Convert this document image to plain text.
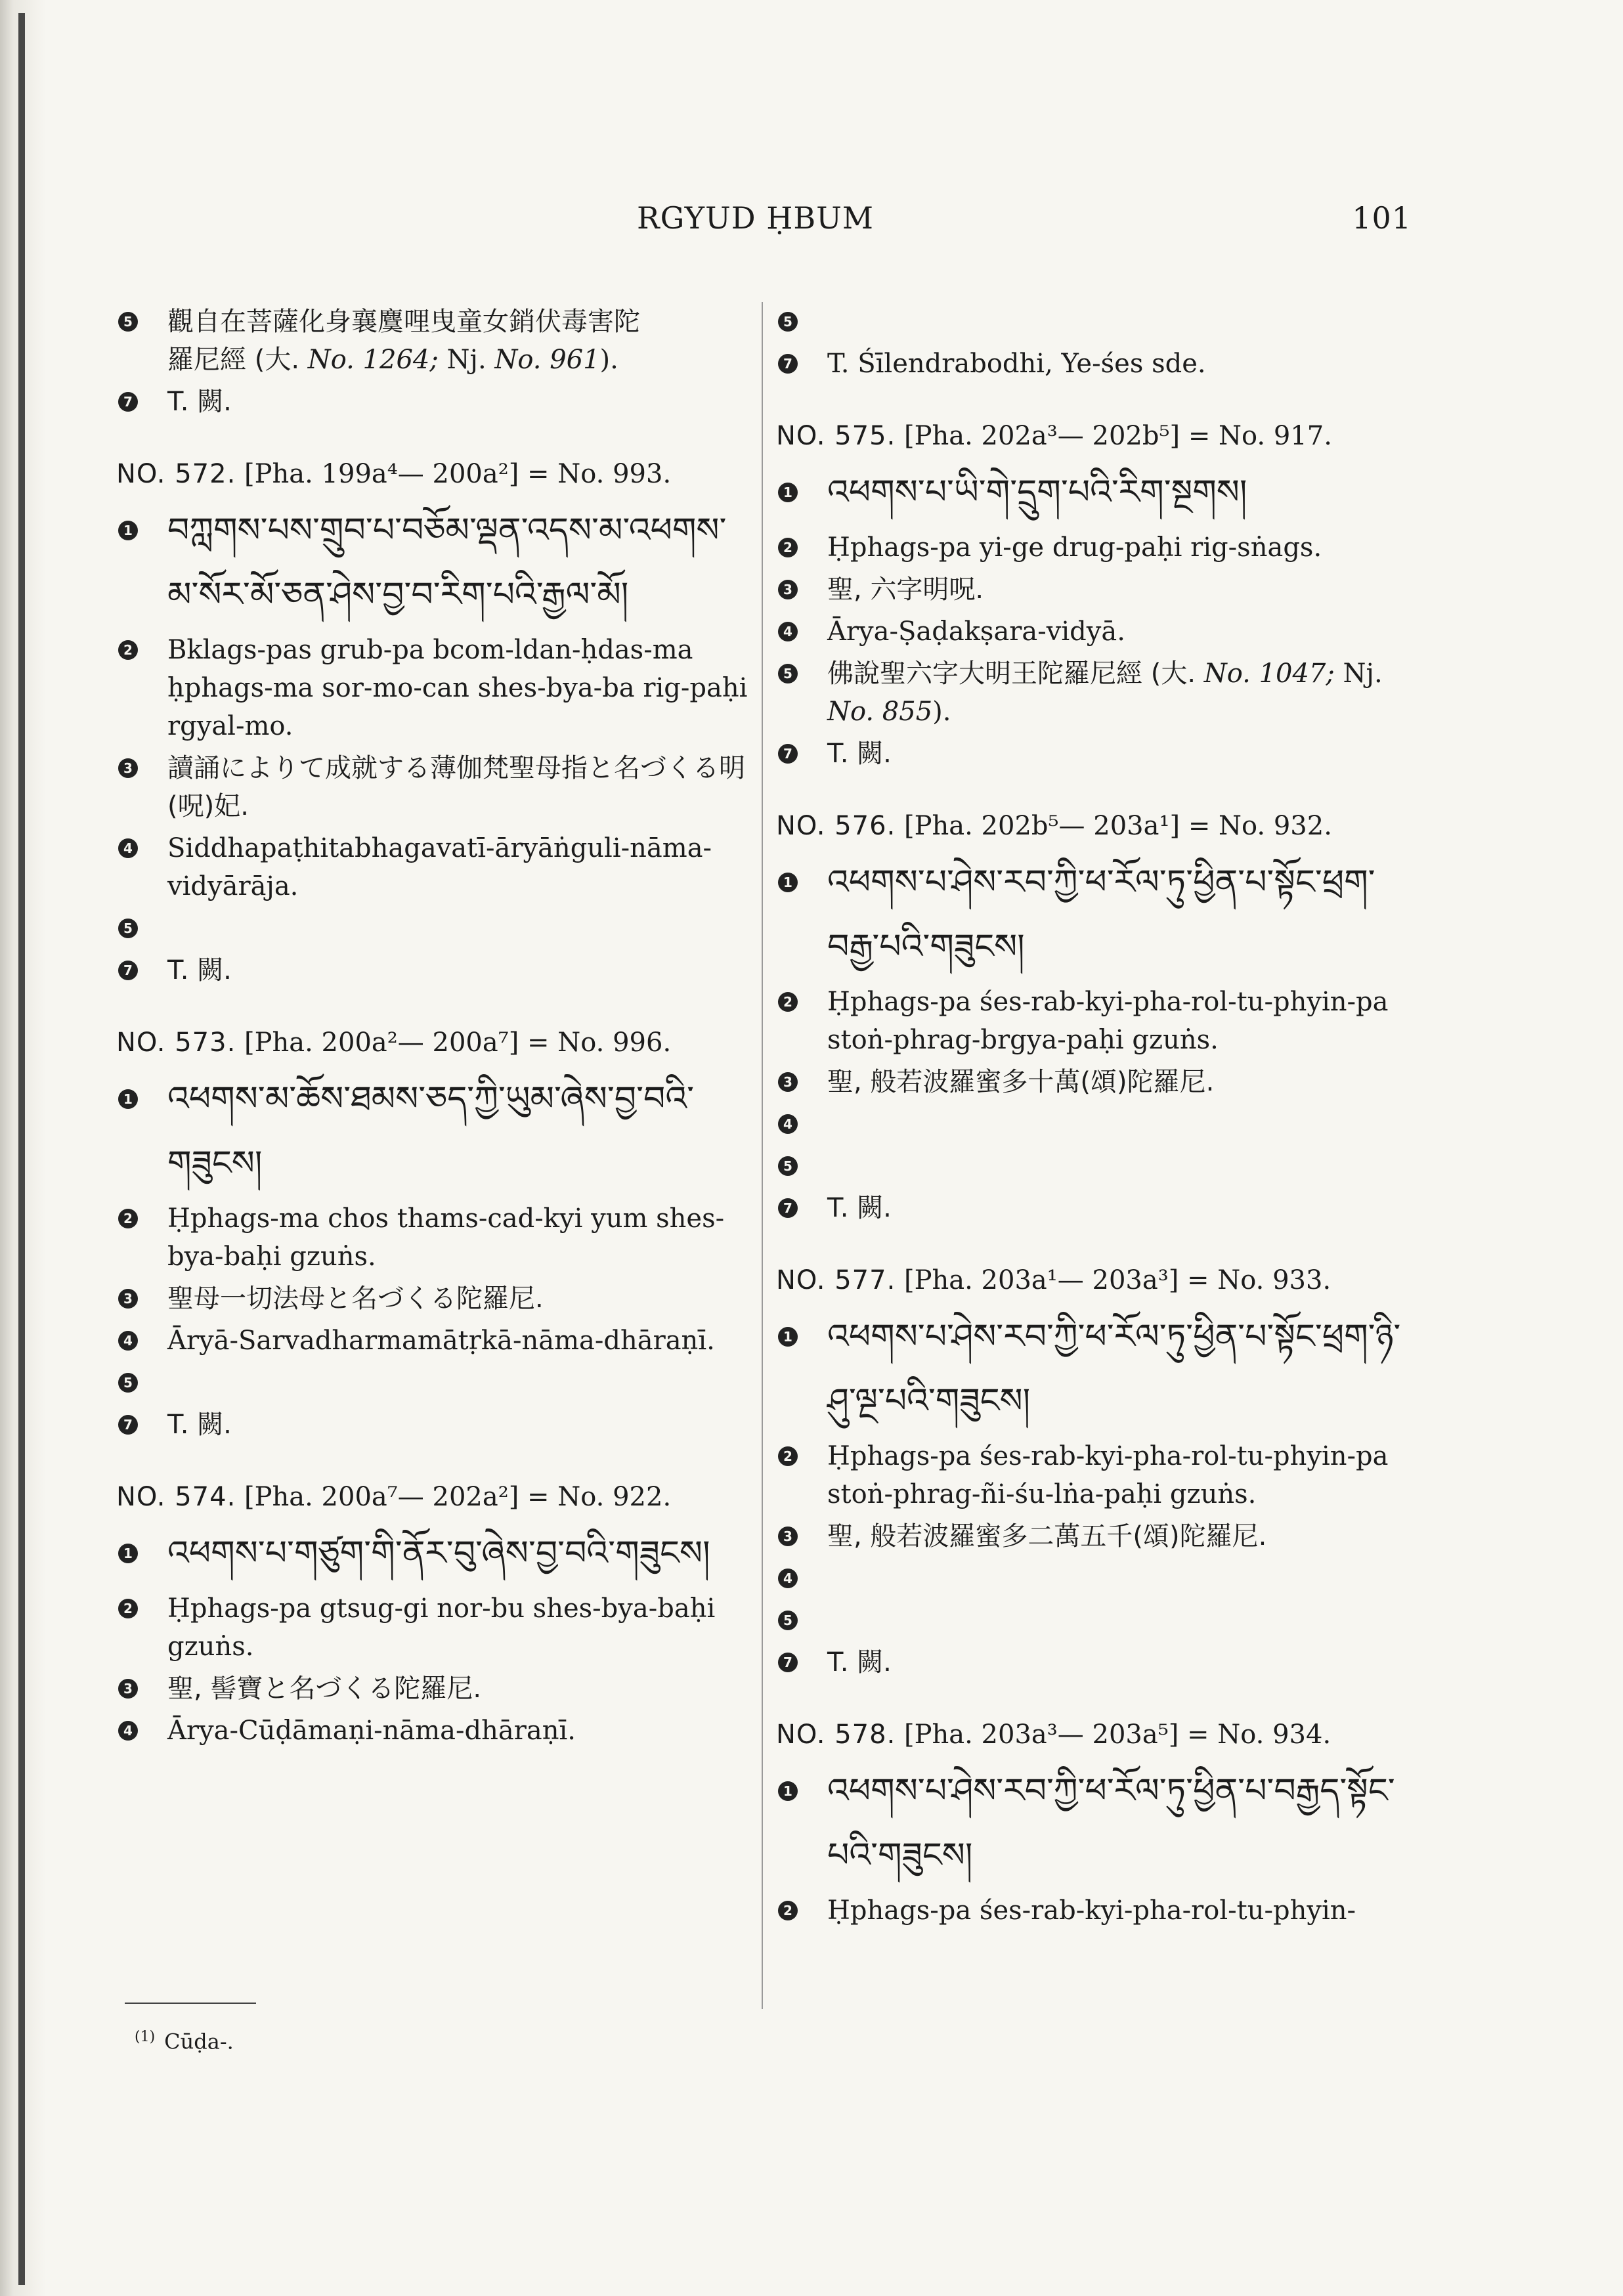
RGYUD ḤBUM	101
5 觀自在菩薩化身襄麌哩曳童女銷伏毒害陀
羅尼經 (大. No. 1264; Nj. No. 961).
7 T. 闕.
NO. 572. [Pha. 199a⁴— 200a²] = No. 993.
1 བཀླགས་པས་གྲུབ་པ་བཅོམ་ལྡན་འདས་མ་འཕགས་མ་སོར་མོ་ཅན་ཤེས་བྱ་བ་རིག་པའི་རྒྱལ་མོ།
2 Bklags-pas grub-pa bcom-ldan-ḥdas-ma ḥphags-ma sor-mo-can shes-bya-ba rig-paḥi rgyal-mo.
3 讀誦によりて成就する薄伽梵聖母指と名づくる明(呪)妃.
4 Siddhapaṭhitabhagavatī-āryāṅguli-nāma-vidyārāja.
5

7 T. 闕.
NO. 573. [Pha. 200a²— 200a⁷] = No. 996.
1 འཕགས་མ་ཆོས་ཐམས་ཅད་ཀྱི་ཡུམ་ཞེས་བྱ་བའི་གཟུངས།
2 Ḥphags-ma chos thams-cad-kyi yum shes-bya-baḥi gzuṅs.
3 聖母一切法母と名づくる陀羅尼.
4 Āryā-Sarvadharmamātṛkā-nāma-dhāraṇī.
5

7 T. 闕.
NO. 574. [Pha. 200a⁷— 202a²] = No. 922.
1 འཕགས་པ་གཙུག་གི་ནོར་བུ་ཞེས་བྱ་བའི་གཟུངས།
2 Ḥphags-pa gtsug-gi nor-bu shes-bya-baḥi gzuṅs.
3 聖, 髻寶と名づくる陀羅尼.
4 Ārya-Cūḍāmaṇi-nāma-dhāraṇī.
$^{(1)}$ Cūḍa-.
5

7 T. Śīlendrabodhi, Ye-śes sde.
NO. 575. [Pha. 202a³— 202b⁵] = No. 917.
1 འཕགས་པ་ཡི་གེ་དྲུག་པའི་རིག་སྔགས།
2 Ḥphags-pa yi-ge drug-paḥi rig-sṅags.
3 聖, 六字明呪.
4 Ārya-Ṣaḍakṣara-vidyā.
5 佛說聖六字大明王陀羅尼經 (大. No. 1047; Nj. No. 855).
7 T. 闕.
NO. 576. [Pha. 202b⁵— 203a¹] = No. 932.
1 འཕགས་པ་ཤེས་རབ་ཀྱི་ཕ་རོལ་ཏུ་ཕྱིན་པ་སྟོང་ཕྲག་བརྒྱ་པའི་གཟུངས།
2 Ḥphags-pa śes-rab-kyi-pha-rol-tu-phyin-pa stoṅ-phrag-brgya-paḥi gzuṅs.
3 聖, 般若波羅蜜多十萬(頌)陀羅尼.
4

5

7 T. 闕.
NO. 577. [Pha. 203a¹— 203a³] = No. 933.
1 འཕགས་པ་ཤེས་རབ་ཀྱི་ཕ་རོལ་ཏུ་ཕྱིན་པ་སྟོང་ཕྲག་ཉི་ཤུ་ལྔ་པའི་གཟུངས།
2 Ḥphags-pa śes-rab-kyi-pha-rol-tu-phyin-pa stoṅ-phrag-ñi-śu-lṅa-paḥi gzuṅs.
3 聖, 般若波羅蜜多二萬五千(頌)陀羅尼.
4

5

7 T. 闕.
NO. 578. [Pha. 203a³— 203a⁵] = No. 934.
1 འཕགས་པ་ཤེས་རབ་ཀྱི་ཕ་རོལ་ཏུ་ཕྱིན་པ་བརྒྱད་སྟོང་པའི་གཟུངས།
2 Ḥphags-pa śes-rab-kyi-pha-rol-tu-phyin-
